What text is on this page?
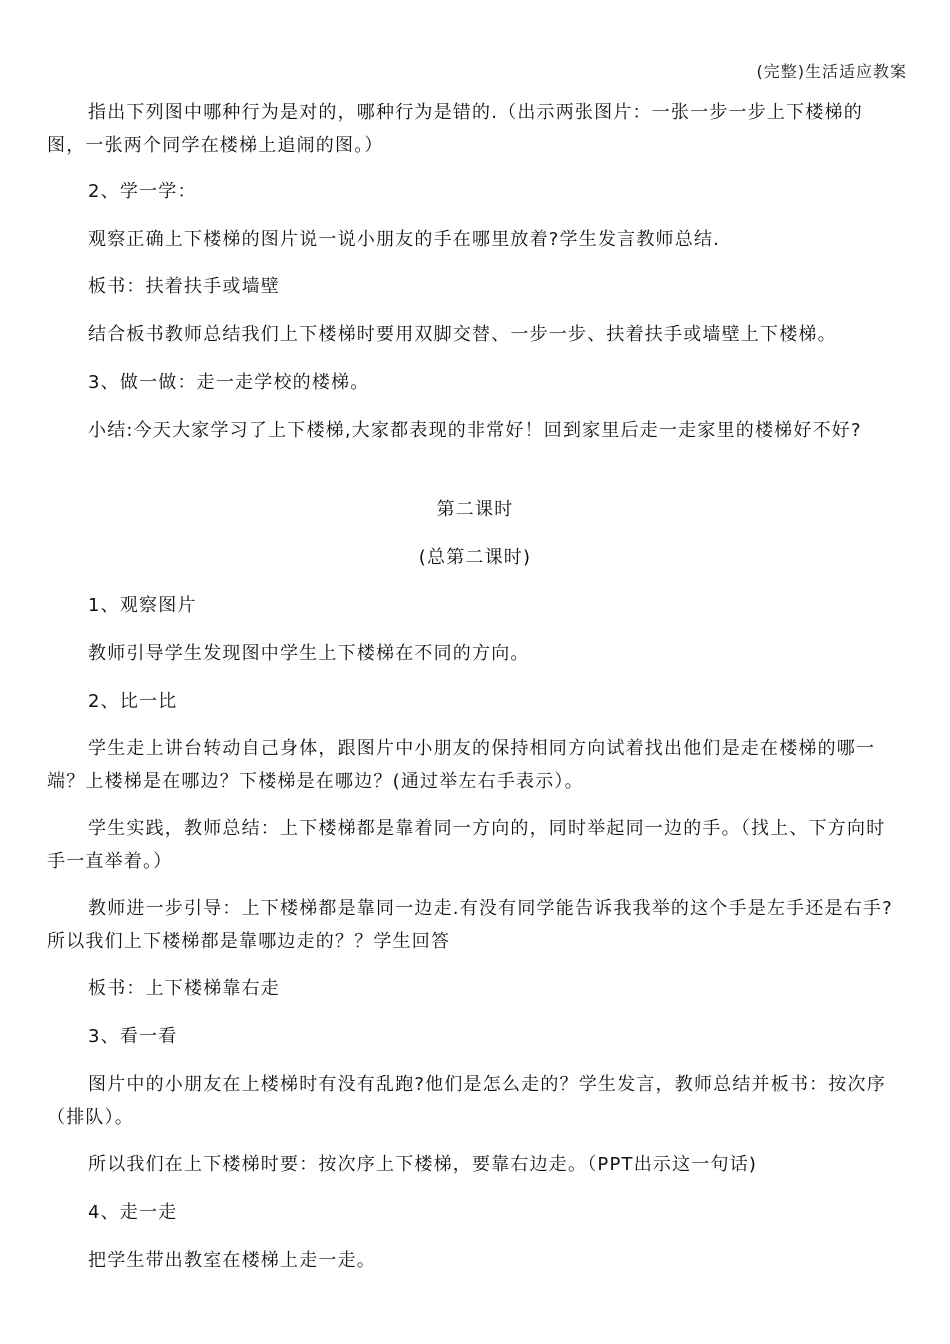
(完整)生活适应教案
指出下列图中哪种行为是对的，哪种行为是错的.（出示两张图片：一张一步一步上下楼梯的图，一张两个同学在楼梯上追闹的图。）
2、学一学：
观察正确上下楼梯的图片说一说小朋友的手在哪里放着?学生发言教师总结.
板书：扶着扶手或墙壁
结合板书教师总结我们上下楼梯时要用双脚交替、一步一步、扶着扶手或墙壁上下楼梯。
3、做一做：走一走学校的楼梯。
小结:今天大家学习了上下楼梯,大家都表现的非常好！回到家里后走一走家里的楼梯好不好?
第二课时
(总第二课时)
1、观察图片
教师引导学生发现图中学生上下楼梯在不同的方向。
2、比一比
学生走上讲台转动自己身体，跟图片中小朋友的保持相同方向试着找出他们是走在楼梯的哪一端？上楼梯是在哪边？下楼梯是在哪边？(通过举左右手表示）。
学生实践，教师总结：上下楼梯都是靠着同一方向的，同时举起同一边的手。（找上、下方向时手一直举着。）
教师进一步引导：上下楼梯都是靠同一边走.有没有同学能告诉我我举的这个手是左手还是右手?所以我们上下楼梯都是靠哪边走的？？学生回答
板书：上下楼梯靠右走
3、看一看
图片中的小朋友在上楼梯时有没有乱跑?他们是怎么走的？学生发言，教师总结并板书：按次序（排队）。
所以我们在上下楼梯时要：按次序上下楼梯，要靠右边走。（PPT出示这一句话)
4、走一走
把学生带出教室在楼梯上走一走。
